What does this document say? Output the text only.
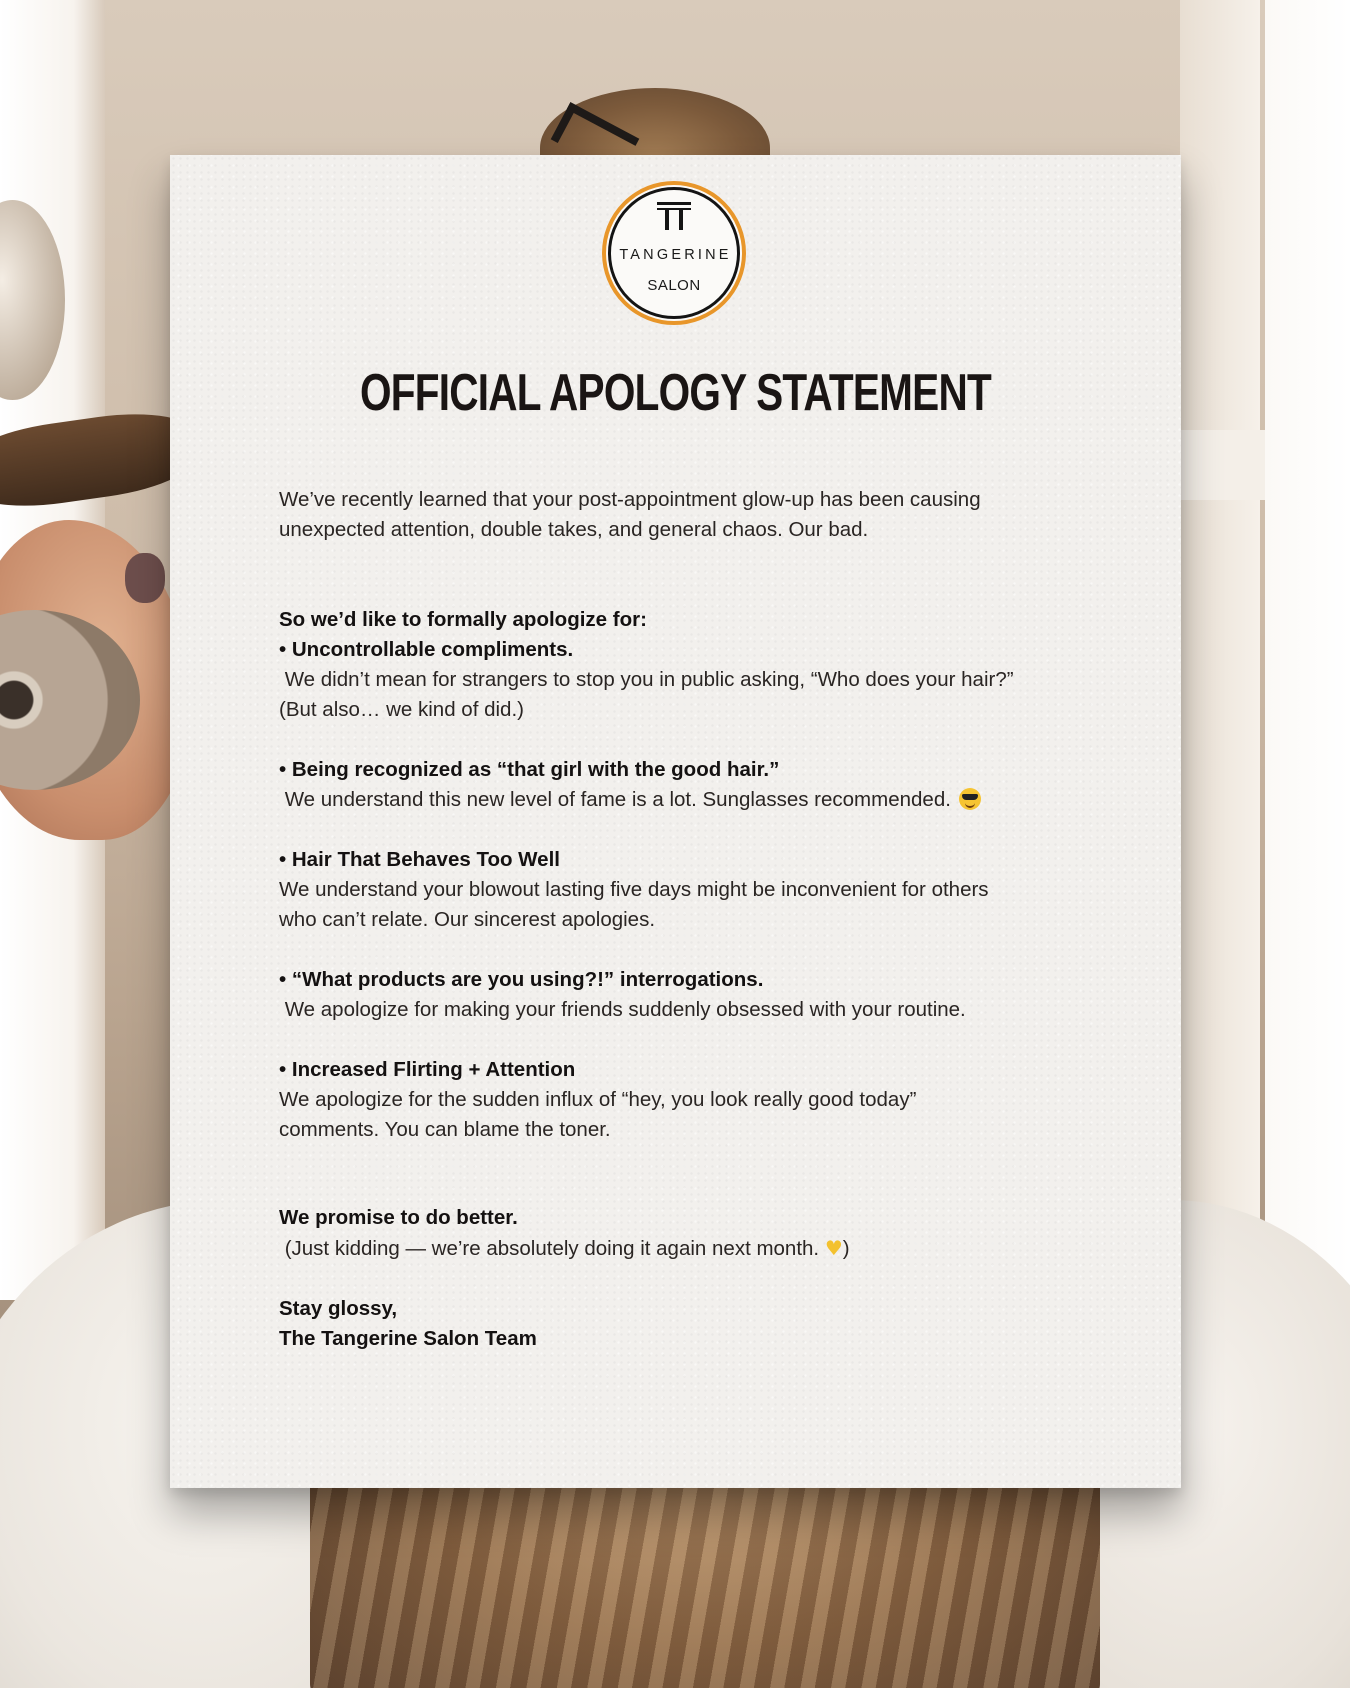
TANGERINE
SALON
OFFICIAL APOLOGY STATEMENT

We’ve recently learned that your post-appointment glow-up has been causing

unexpected attention, double takes, and general chaos. Our bad.

So we’d like to formally apologize for:

• Uncontrollable compliments.

We didn’t mean for strangers to stop you in public asking, “Who does your hair?”

(But also… we kind of did.)

• Being recognized as “that girl with the good hair.”

We understand this new level of fame is a lot. Sunglasses recommended.

• Hair That Behaves Too Well

We understand your blowout lasting five days might be inconvenient for others

who can’t relate. Our sincerest apologies.

• “What products are you using?!” interrogations.

We apologize for making your friends suddenly obsessed with your routine.

• Increased Flirting + Attention

We apologize for the sudden influx of “hey, you look really good today”

comments. You can blame the toner.

We promise to do better.

(Just kidding — we’re absolutely doing it again next month. ♥)

Stay glossy,

The Tangerine Salon Team
